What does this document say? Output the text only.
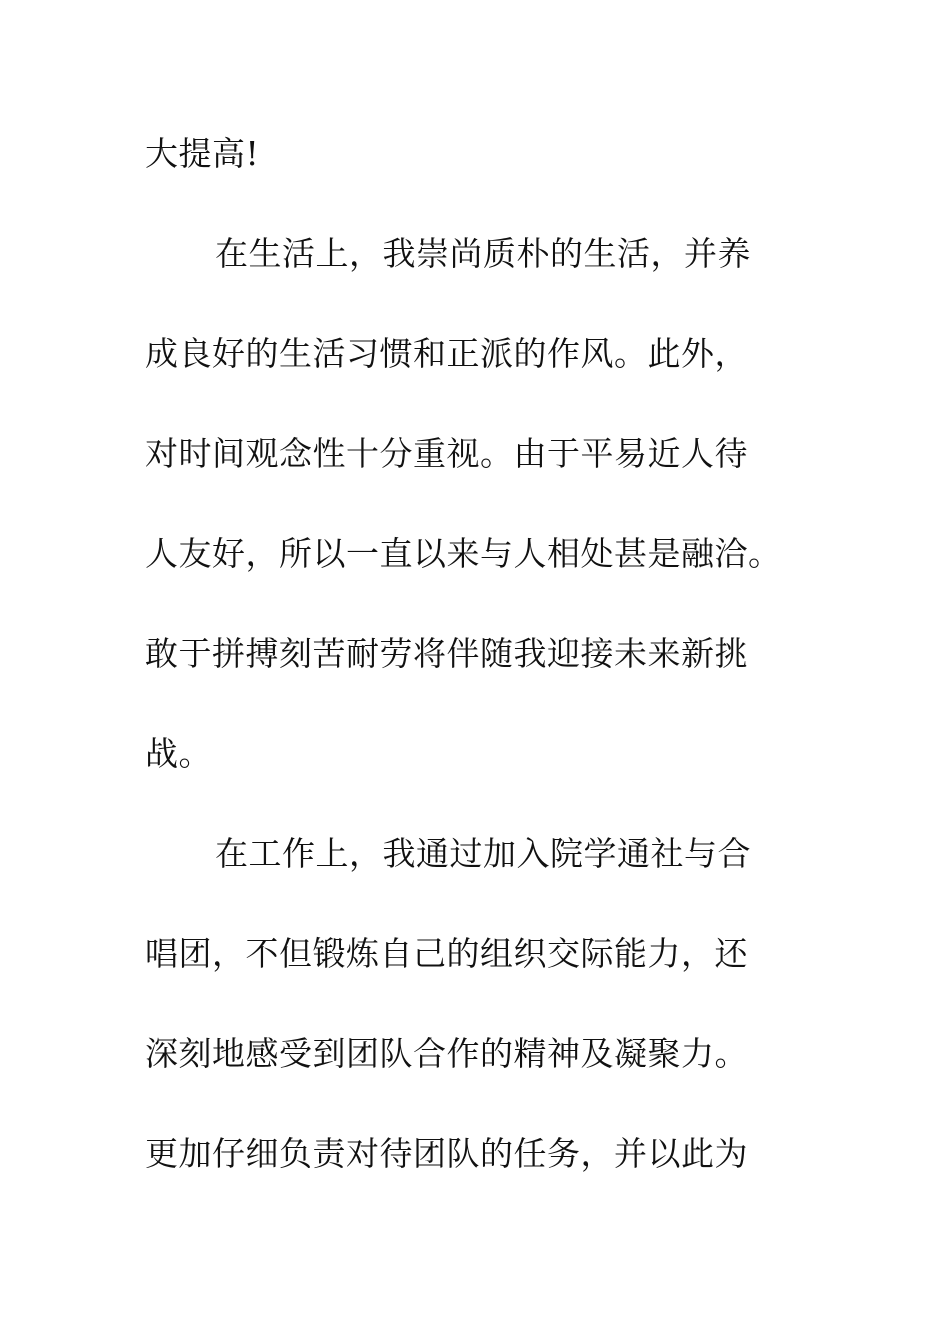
大提高!
在生活上，我崇尚质朴的生活，并养
成良好的生活习惯和正派的作风。此外，
对时间观念性十分重视。由于平易近人待
人友好，所以一直以来与人相处甚是融洽。
敢于拼搏刻苦耐劳将伴随我迎接未来新挑
战。
在工作上，我通过加入院学通社与合
唱团，不但锻炼自己的组织交际能力，还
深刻地感受到团队合作的精神及凝聚力。
更加仔细负责对待团队的任务，并以此为
